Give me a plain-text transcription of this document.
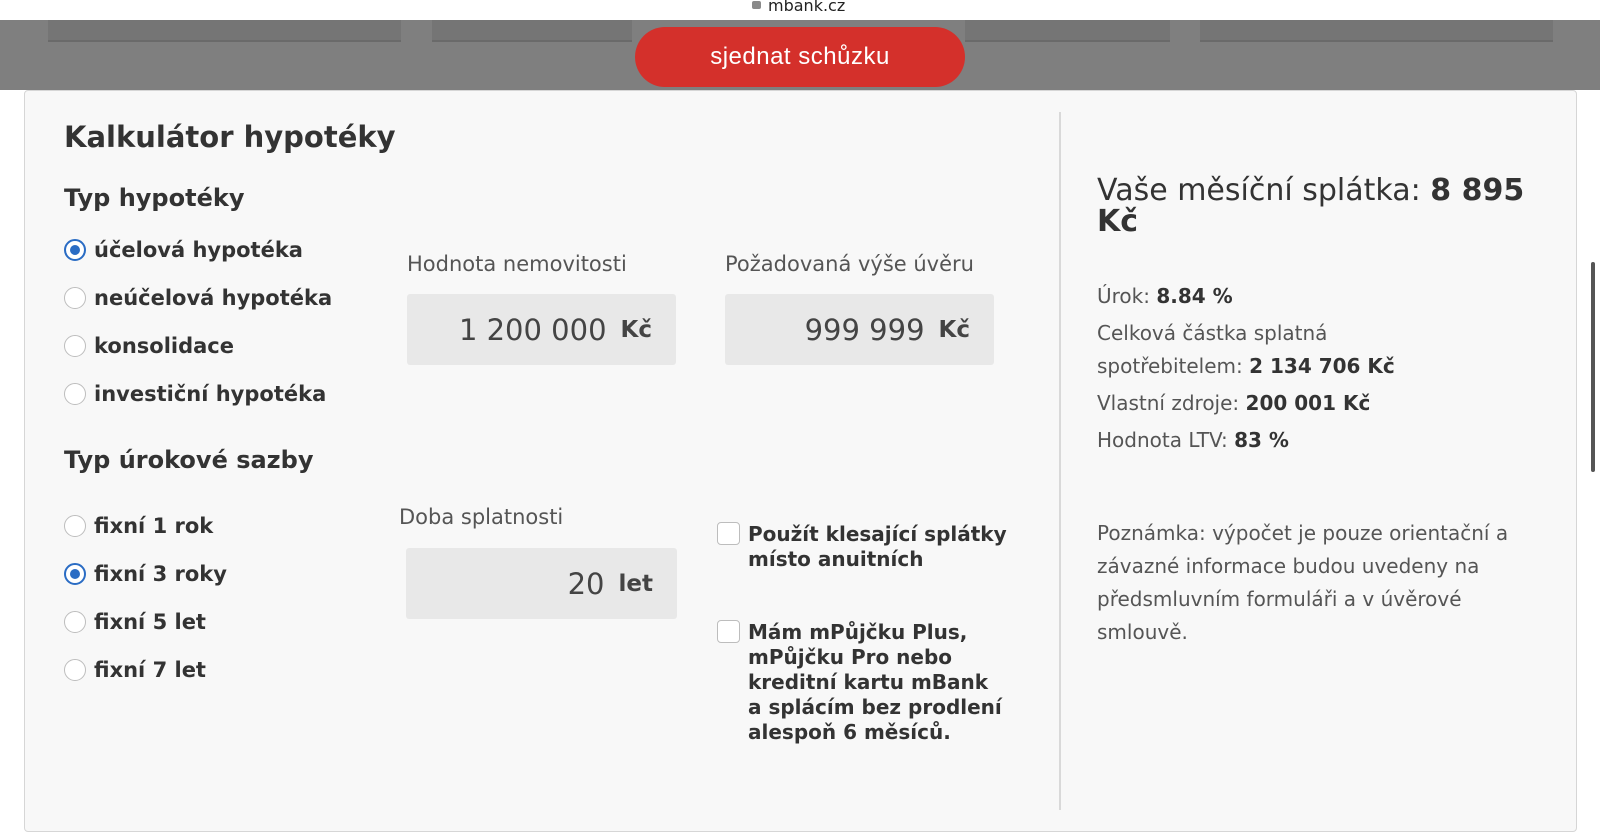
mbank.cz
sjednat schůzku
Kalkulátor hypotéky
Typ hypotéky
účelová hypotéka
neúčelová hypotéka
konsolidace
investiční hypotéka
Hodnota nemovitosti
1 200 000 Kč
Požadovaná výše úvěru
999 999 Kč
Typ úrokové sazby
fixní 1 rok
fixní 3 roky
fixní 5 let
fixní 7 let
Doba splatnosti
20 let
Použít klesající splátky místo anuitních
Mám mPůjčku Plus, mPůjčku Pro nebo kreditní kartu mBank a splácím bez prodlení alespoň 6 měsíců.
Vaše měsíční splátka: 8 895 Kč
Úrok: 8.84 %
Celková částka splatná spotřebitelem: 2 134 706 Kč
Vlastní zdroje: 200 001 Kč
Hodnota LTV: 83 %

Poznámka: výpočet je pouze orientační a závazné informace budou uvedeny na předsmluvním formuláři a v úvěrové smlouvě.
